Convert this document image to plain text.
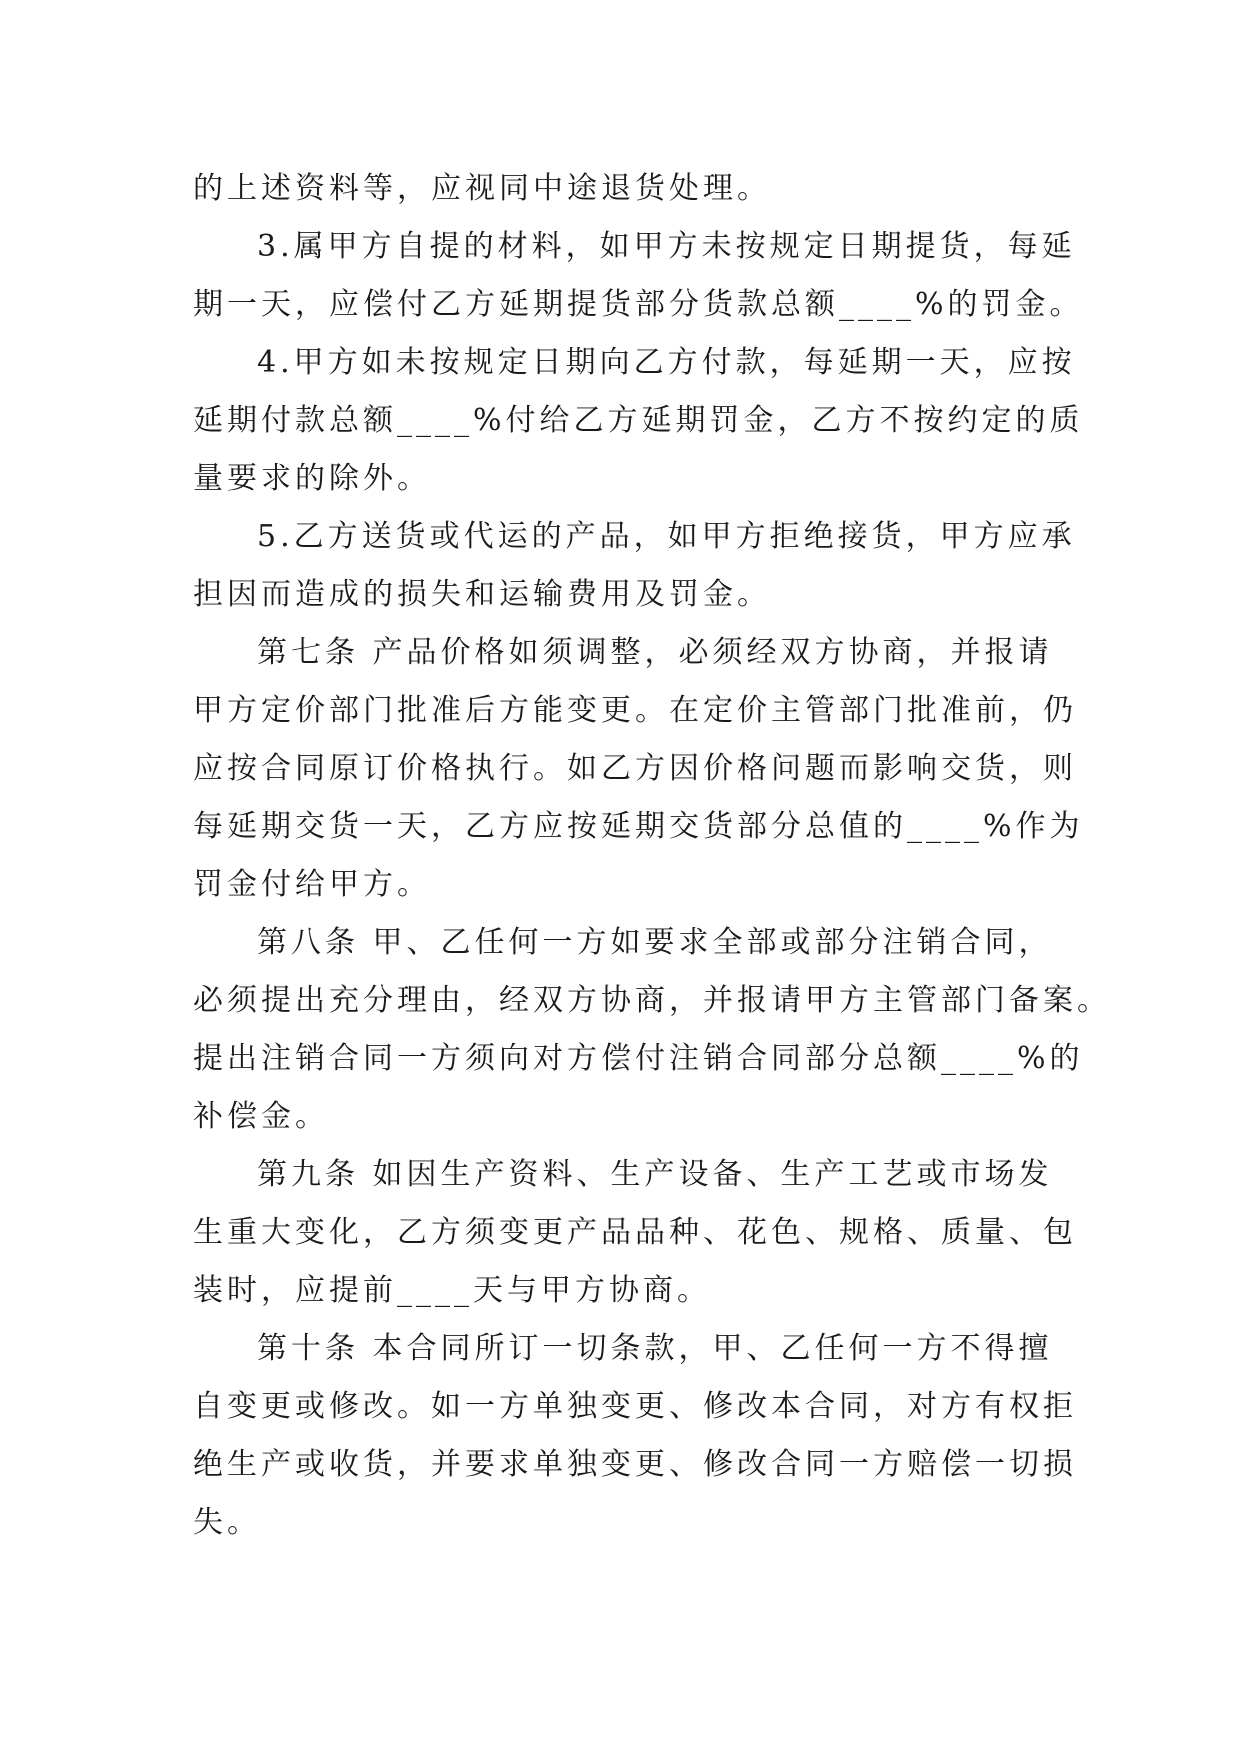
的上述资料等，应视同中途退货处理。
3.属甲方自提的材料，如甲方未按规定日期提货，每延
期一天，应偿付乙方延期提货部分货款总额____%的罚金。
4.甲方如未按规定日期向乙方付款，每延期一天，应按
延期付款总额____%付给乙方延期罚金，乙方不按约定的质
量要求的除外。
5.乙方送货或代运的产品，如甲方拒绝接货，甲方应承
担因而造成的损失和运输费用及罚金。
第七条 产品价格如须调整，必须经双方协商，并报请
甲方定价部门批准后方能变更。在定价主管部门批准前，仍
应按合同原订价格执行。如乙方因价格问题而影响交货，则
每延期交货一天，乙方应按延期交货部分总值的____%作为
罚金付给甲方。
第八条 甲、乙任何一方如要求全部或部分注销合同，
必须提出充分理由，经双方协商，并报请甲方主管部门备案。
提出注销合同一方须向对方偿付注销合同部分总额____%的
补偿金。
第九条 如因生产资料、生产设备、生产工艺或市场发
生重大变化，乙方须变更产品品种、花色、规格、质量、包
装时，应提前____天与甲方协商。
第十条 本合同所订一切条款，甲、乙任何一方不得擅
自变更或修改。如一方单独变更、修改本合同，对方有权拒
绝生产或收货，并要求单独变更、修改合同一方赔偿一切损
失。
